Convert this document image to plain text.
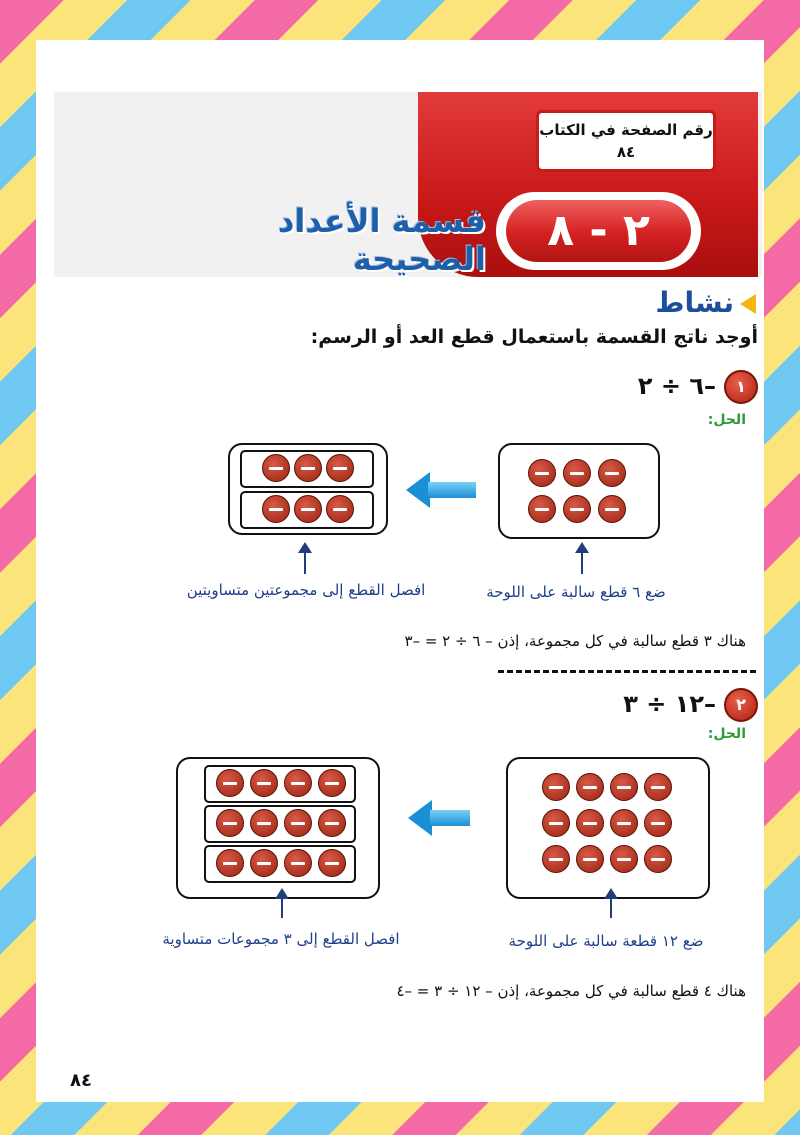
رقم الصفحة في الكتاب
٨٤
٢ - ٨
قسمة الأعداد الصحيحة
نشاط
أوجد ناتج القسمة باستعمال قطع العد أو الرسم:
١–٦ ÷ ٢
الحل:
ضع ٦ قطع سالبة على اللوحة
افصل القطع إلى مجموعتين متساويتين
هناك ٣ قطع سالبة في كل مجموعة، إذن – ٦ ÷ ٢ = –٣
٢–١٢ ÷ ٣
الحل:
ضع ١٢ قطعة سالبة على اللوحة
افصل القطع إلى ٣ مجموعات متساوية
هناك ٤ قطع سالبة في كل مجموعة، إذن – ١٢ ÷ ٣ = –٤
٨٤
